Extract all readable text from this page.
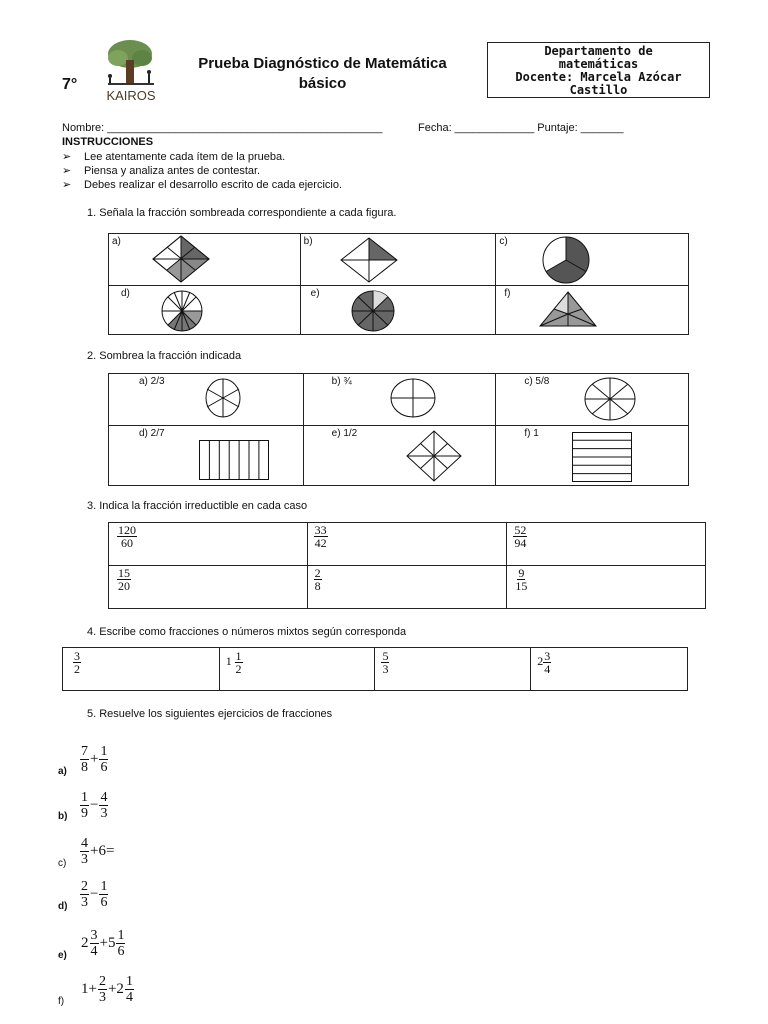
7°
KAIROS
Prueba Diagnóstico de Matemática básico
Departamento de
matemáticas
Docente: Marcela Azócar
Castillo
Nombre: _____________________________________________	Fecha: _____________ Puntaje: _______
INSTRUCCIONES
➢ Lee atentamente cada ítem de la prueba.
➢ Piensa y analiza antes de contestar.
➢ Debes realizar el desarrollo escrito de cada ejercicio.
1. Señala la fracción sombreada correspondiente a cada figura.
a)	b)	c)

d)	e)	f)
2. Sombrea la fracción indicada
a) 2/3	b) ¾	c) 5/8

d) 2/7	e) 1/2	f) 1
3. Indica la fracción irreductible en cada caso
$\frac{120}{60}$	$\frac{33}{42}$	$\frac{52}{94}$

$\frac{15}{20}$	$\frac{2}{8}$	$\frac{9}{15}$
4. Escribe como fracciones o números mixtos según corresponda
$\frac{3}{2}$	$1 \frac{1}{2}$	$\frac{5}{3}$	$2 \frac{3}{4}$
5. Resuelve los siguientes ejercicios de fracciones
$a) \frac{7}{8} + \frac{1}{6}$
$b) \frac{1}{9} - \frac{4}{3}$
$c) \frac{4}{3} +6=$
$d) \frac{2}{3} - \frac{1}{6}$
e)
$2 \frac{3}{4} +5 \frac{1}{6}$
f)
$1+ \frac{2}{3} +2 \frac{1}{4}$
